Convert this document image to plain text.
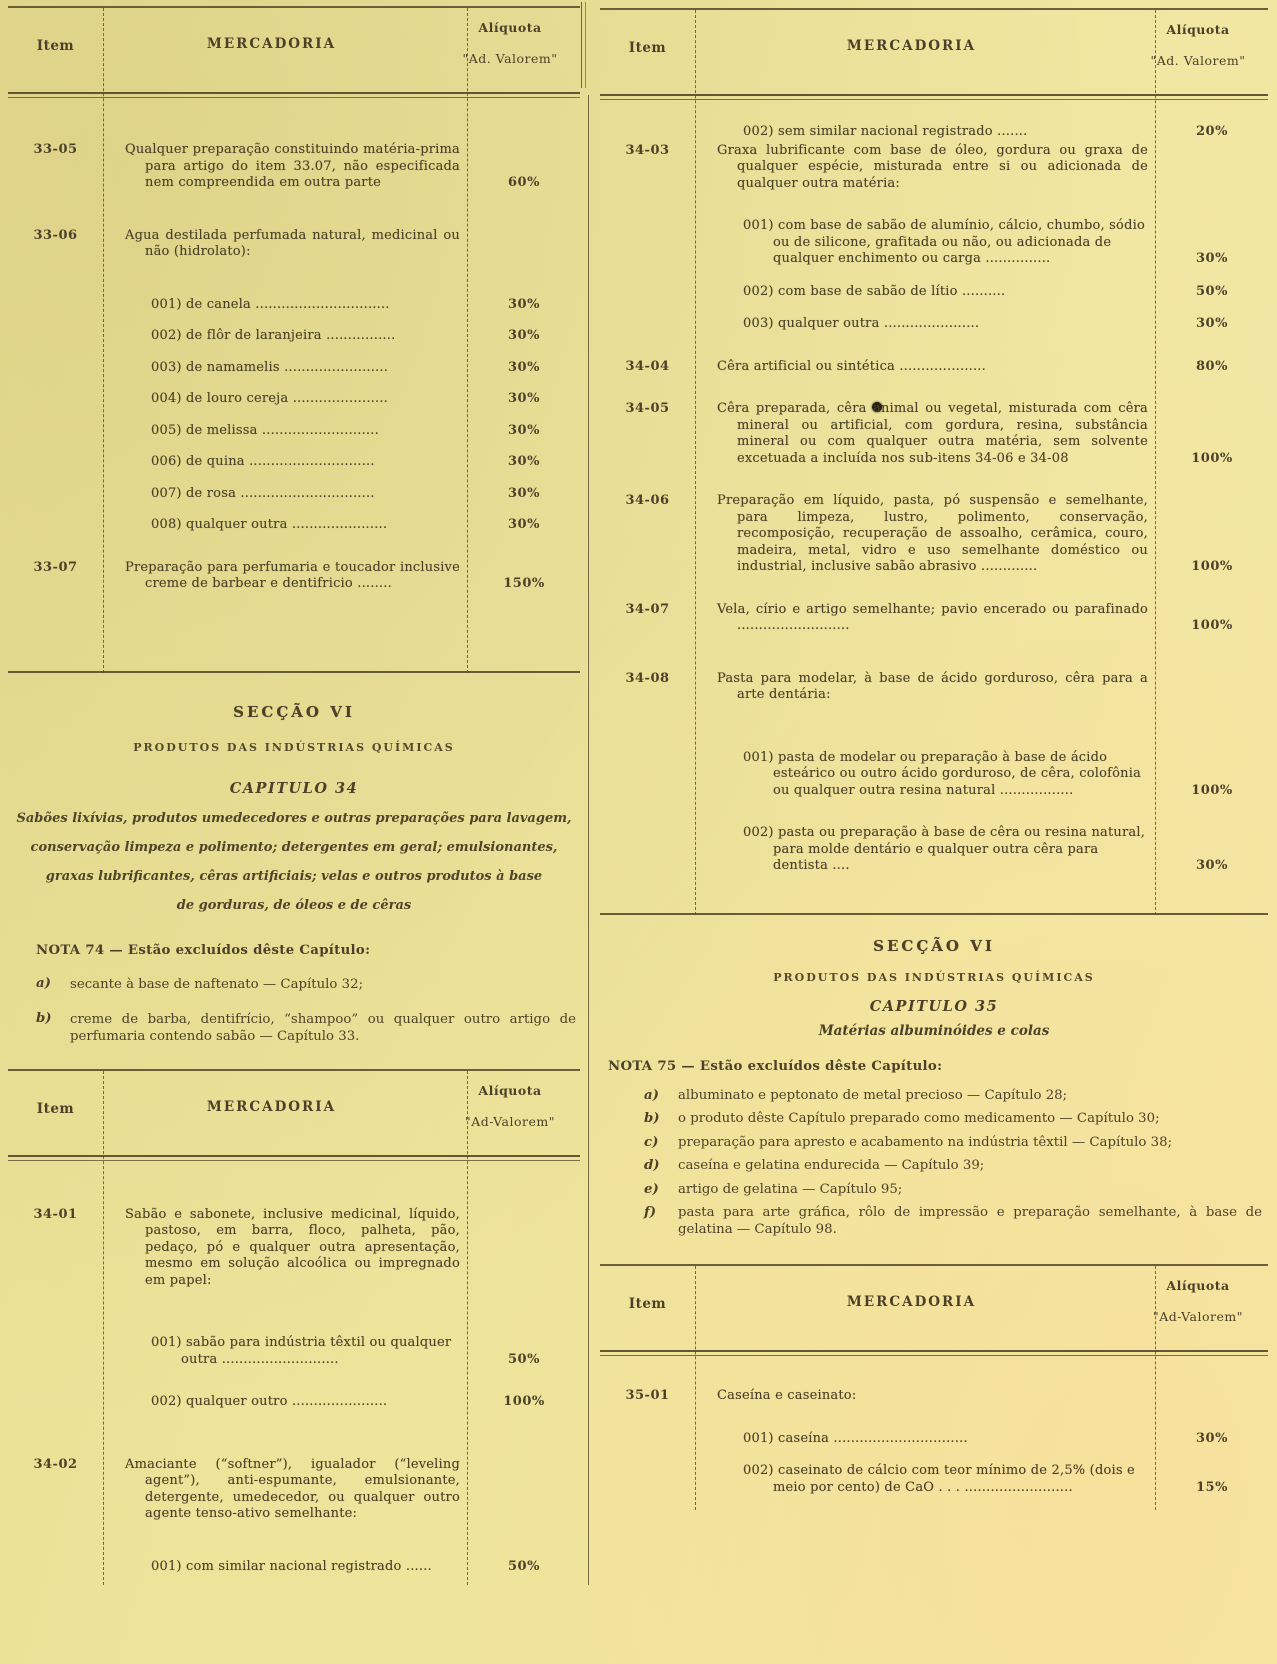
Item	MERCADORIA
Alíquota
"Ad. Valorem"
33-05	Qualquer preparação constituindo matéria-prima para artigo do item 33.07, não especificada nem compreendida em outra parte	60%
33-06	Agua destilada perfumada natural, medicinal ou não (hidrolato):
001) de canela ...............................	30%
002) de flôr de laranjeira ................	30%
003) de namamelis ........................	30%
004) de louro cereja ......................	30%
005) de melissa ...........................	30%
006) de quina .............................	30%
007) de rosa ...............................	30%
008) qualquer outra ......................	30%
33-07	Preparação para perfumaria e toucador inclusive creme de barbear e dentifricio ........	150%
SECÇÃO VI
PRODUTOS DAS INDÚSTRIAS QUÍMICAS
CAPITULO 34
Sabões lixívias, produtos umedecedores e outras preparações para lavagem,
conservação limpeza e polimento; detergentes em geral; emulsionantes,
graxas lubrificantes, cêras artificiais; velas e outros produtos à base
de gorduras, de óleos e de cêras
NOTA 74 — Estão excluídos dêste Capítulo:
a)	secante à base de naftenato — Capítulo 32;
b)	creme de barba, dentifrício, “shampoo” ou qualquer outro artigo de perfumaria contendo sabão — Capítulo 33.
Item	MERCADORIA
Alíquota
"Ad-Valorem"
34-01	Sabão e sabonete, inclusive medicinal, líquido, pastoso, em barra, floco, palheta, pão, pedaço, pó e qualquer outra apresentação, mesmo em solução alcoólica ou impregnado em papel:
001) sabão para indústria têxtil ou qualquer outra ...........................	50%
002) qualquer outro ......................	100%
34-02	Amaciante (“softner”), igualador (“leveling agent”), anti-espumante, emulsionante, detergente, umedecedor, ou qualquer outro agente tenso-ativo semelhante:
001) com similar nacional registrado ......	50%
Item	MERCADORIA
Alíquota
"Ad. Valorem"
002) sem similar nacional registrado .......	20%
34-03	Graxa lubrificante com base de óleo, gordura ou graxa de qualquer espécie, misturada entre si ou adicionada de qualquer outra matéria:
001) com base de sabão de alumínio, cálcio, chumbo, sódio ou de silicone, grafitada ou não, ou adicionada de qualquer enchimento ou carga ...............	30%
002) com base de sabão de lítio ..........	50%
003) qualquer outra ......................	30%
34-04	Cêra artificial ou sintética ....................	80%
34-05	Cêra preparada, cêra animal ou vegetal, misturada com cêra mineral ou artificial, com gordura, resina, substância mineral ou com qualquer outra matéria, sem solvente excetuada a incluída nos sub-itens 34-06 e 34-08	100%
34-06	Preparação em líquido, pasta, pó suspensão e semelhante, para limpeza, lustro, polimento, conservação, recomposição, recuperação de assoalho, cerâmica, couro, madeira, metal, vidro e uso semelhante doméstico ou industrial, inclusive sabão abrasivo .............	100%
34-07	Vela, círio e artigo semelhante; pavio encerado ou parafinado ..........................	100%
34-08	Pasta para modelar, à base de ácido gorduroso, cêra para a arte dentária:
001) pasta de modelar ou preparação à base de ácido esteárico ou outro ácido gorduroso, de cêra, colofônia ou qualquer outra resina natural .................	100%
002) pasta ou preparação à base de cêra ou resina natural, para molde dentário e qualquer outra cêra para dentista ....	30%
SECÇÃO VI
PRODUTOS DAS INDÚSTRIAS QUÍMICAS
CAPITULO 35
Matérias albuminóides e colas
NOTA 75 — Estão excluídos dêste Capítulo:
a)	albuminato e peptonato de metal precioso — Capítulo 28;
b)	o produto dêste Capítulo preparado como medicamento — Capítulo 30;
c)	preparação para apresto e acabamento na indústria têxtil — Capítulo 38;
d)	caseína e gelatina endurecida — Capítulo 39;
e)	artigo de gelatina — Capítulo 95;
f)	pasta para arte gráfica, rôlo de impressão e preparação semelhante, à base de gelatina — Capítulo 98.
Item	MERCADORIA
Alíquota
"Ad-Valorem"
35-01	Caseína e caseinato:
001) caseína ...............................	30%
002) caseinato de cálcio com teor mínimo de 2,5% (dois e meio por cento) de CaO . . . .........................	15%
